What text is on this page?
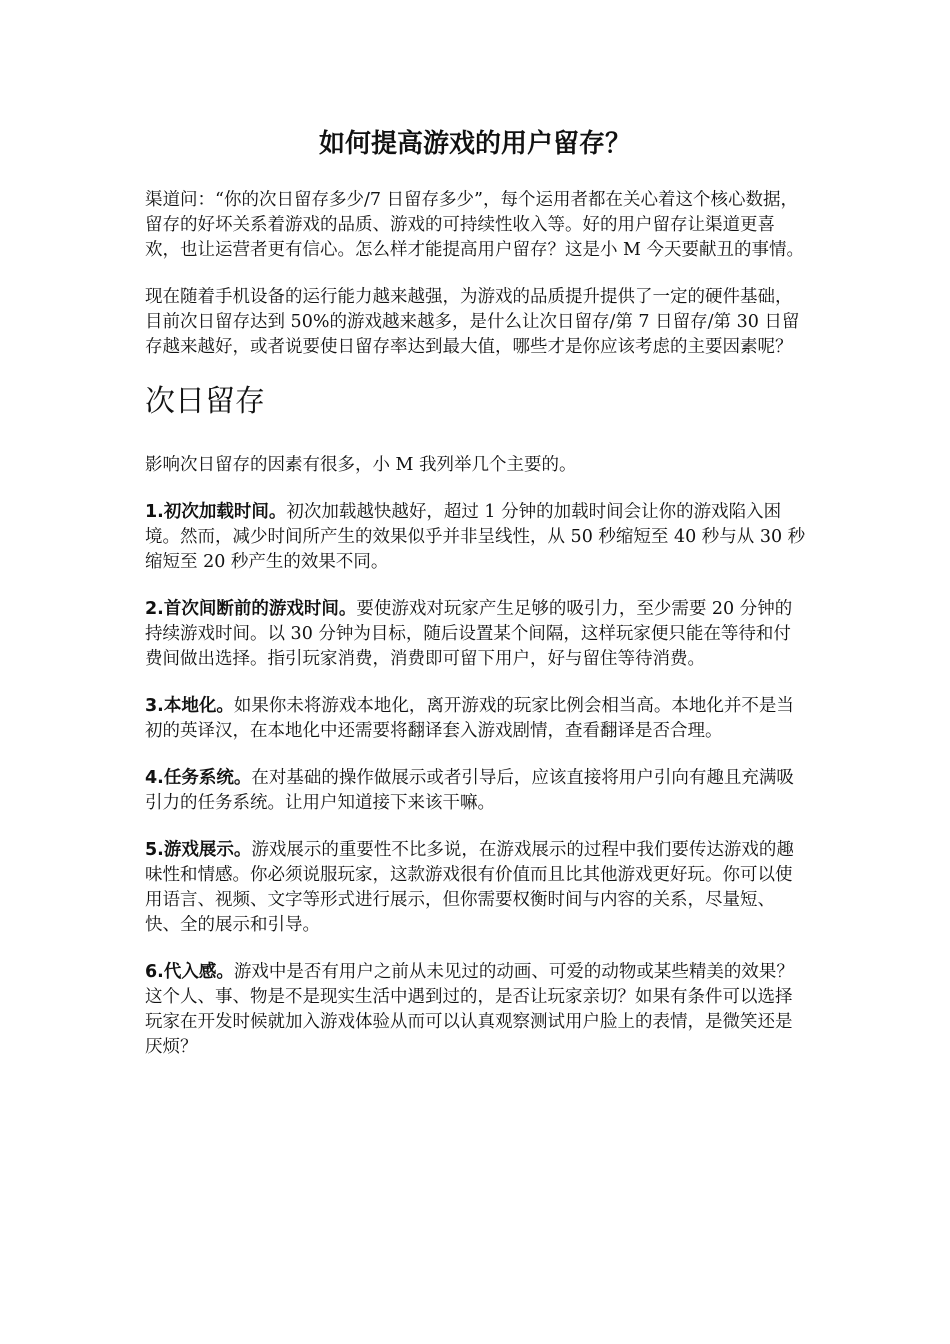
如何提高游戏的用户留存？

渠道问：“你的次日留存多少/7 日留存多少”，每个运用者都在关心着这个核心数据，留存的好坏关系着游戏的品质、游戏的可持续性收入等。好的用户留存让渠道更喜欢，也让运营者更有信心。怎么样才能提高用户留存？这是小 M 今天要献丑的事情。

现在随着手机设备的运行能力越来越强，为游戏的品质提升提供了一定的硬件基础，目前次日留存达到 50%的游戏越来越多，是什么让次日留存/第 7 日留存/第 30 日留存越来越好，或者说要使日留存率达到最大值，哪些才是你应该考虑的主要因素呢？

次日留存

影响次日留存的因素有很多，小 M 我列举几个主要的。

1.初次加载时间。初次加载越快越好，超过 1 分钟的加载时间会让你的游戏陷入困境。然而，减少时间所产生的效果似乎并非呈线性，从 50 秒缩短至 40 秒与从 30 秒缩短至 20 秒产生的效果不同。

2.首次间断前的游戏时间。要使游戏对玩家产生足够的吸引力，至少需要 20 分钟的持续游戏时间。以 30 分钟为目标，随后设置某个间隔，这样玩家便只能在等待和付费间做出选择。指引玩家消费，消费即可留下用户，好与留住等待消费。

3.本地化。如果你未将游戏本地化，离开游戏的玩家比例会相当高。本地化并不是当初的英译汉，在本地化中还需要将翻译套入游戏剧情，查看翻译是否合理。

4.任务系统。在对基础的操作做展示或者引导后，应该直接将用户引向有趣且充满吸引力的任务系统。让用户知道接下来该干嘛。

5.游戏展示。游戏展示的重要性不比多说，在游戏展示的过程中我们要传达游戏的趣味性和情感。你必须说服玩家，这款游戏很有价值而且比其他游戏更好玩。你可以使用语言、视频、文字等形式进行展示，但你需要权衡时间与内容的关系，尽量短、快、全的展示和引导。

6.代入感。游戏中是否有用户之前从未见过的动画、可爱的动物或某些精美的效果？这个人、事、物是不是现实生活中遇到过的，是否让玩家亲切？如果有条件可以选择玩家在开发时候就加入游戏体验从而可以认真观察测试用户脸上的表情，是微笑还是厌烦？
